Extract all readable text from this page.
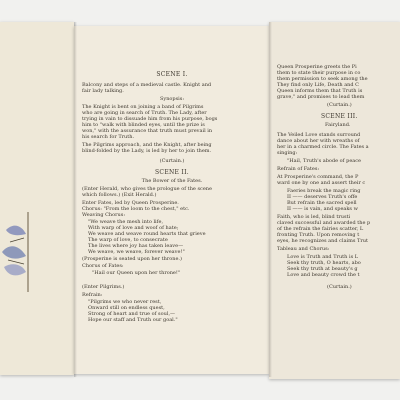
SCENE I.
Balcony and steps of a medieval castle. Knight and
fair lady talking.
Synopsis:
The Knight is bent on joining a band of Pilgrims
who are going in search of Truth. The Lady, after
trying in vain to dissuade him from his purpose, bogs
him to "walk with blinded eyes, until the prize is
won," with the assurance that truth must prevail in
his search for Truth.
The Pilgrims approach, and the Knight, after being
blind-folded by the Lady, is led by her to join them.
(Curtain.)
SCENE II.
The Bower of the Fates.
(Enter Herald, who gives the prologue of the scene
which follows.) (Exit Herald.)
Enter Fates, led by Queen Prosperine.
Chorus: "From the loom to the chest," etc.
Weaving Chorus:
"We weave the mesh into life,
With warp of love and woof of hate;
We weave and weave round hearts that grieve
The warp of love, to consecrate
The lives where joy has taken leave—
We weave, we weave, forever weave!"
(Prosperine is seated upon her throne.)
Chorus of Fates:
"Hail our Queen upon her throne!"
(Enter Pilgrims.)
Refrain:
"Pilgrims we who never rest,
Onward still on endless quest,
Strong of heart and true of soul,—
Hope our staff and Truth our goal."
Queen Prosperine greets the Pi
them to state their purpose in co
them permission to seek among the
They find only Life, Death and C
Queen informs them that Truth is
grave," and promises to lead them
(Curtain.)
SCENE III.
Fairyland.
The Veiled Love stands surround
dance about her with wreaths of
her in a charmed circle. The Fates a
singing:
"Hail, Truth's abode of peace
Refrain of Fates:
At Prosperine's command, the P
ward one by one and assert their c
Faeries break the magic ring
II —— deserves Truth's offe
But refrain the sacred spell
II —— is vain, and speaks w
Faith, who is led, blind trusti
claved successful and awarded the p
of the refrain the fairies scatter, L
fronting Truth. Upon removing t
eyes, he recognizes and claims Trut
Tableau and Chorus:
Love is Truth and Truth is L
Seek thy truth, O hearts, abo
Seek thy truth at beauty's g
Love and beauty crowd the t
(Curtain.)
